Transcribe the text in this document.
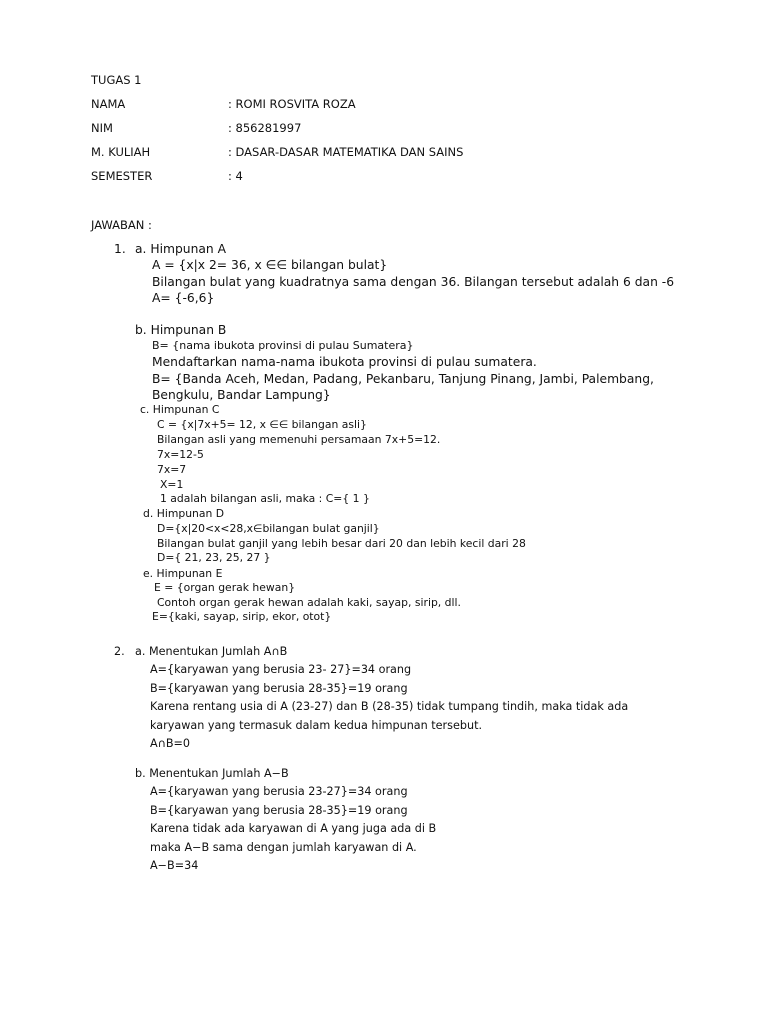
TUGAS 1
NAMA	: ROMI ROSVITA ROZA
NIM	: 856281997
M. KULIAH	: DASAR-DASAR MATEMATIKA DAN SAINS
SEMESTER	: 4
JAWABAN :
1. a. Himpunan A
A = {x|x 2= 36, x ∈∈ bilangan bulat}
Bilangan bulat yang kuadratnya sama dengan 36. Bilangan tersebut adalah 6 dan -6
A= {-6,6}
b. Himpunan B
B= {nama ibukota provinsi di pulau Sumatera}
Mendaftarkan nama-nama ibukota provinsi di pulau sumatera.
B= {Banda Aceh, Medan, Padang, Pekanbaru, Tanjung Pinang, Jambi, Palembang,
Bengkulu, Bandar Lampung}
c. Himpunan C
C = {x|7x+5= 12, x ∈∈ bilangan asli}
Bilangan asli yang memenuhi persamaan 7x+5=12.
7x=12-5
7x=7
X=1
1 adalah bilangan asli, maka : C={ 1 }
d. Himpunan D
D={x|20<x<28,x∈bilangan bulat ganjil}
Bilangan bulat ganjil yang lebih besar dari 20 dan lebih kecil dari 28
D={ 21, 23, 25, 27 }
e. Himpunan E
E = {organ gerak hewan}
Contoh organ gerak hewan adalah kaki, sayap, sirip, dll.
E={kaki, sayap, sirip, ekor, otot}
2. a. Menentukan Jumlah A∩B
A={karyawan yang berusia 23- 27}=34 orang
B={karyawan yang berusia 28-35}=19 orang
Karena rentang usia di A (23-27) dan B (28-35) tidak tumpang tindih, maka tidak ada
karyawan yang termasuk dalam kedua himpunan tersebut.
A∩B=0
b. Menentukan Jumlah A−B
A={karyawan yang berusia 23-27}=34 orang
B={karyawan yang berusia 28-35}=19 orang
Karena tidak ada karyawan di A yang juga ada di B
maka A−B sama dengan jumlah karyawan di A.
A−B=34
